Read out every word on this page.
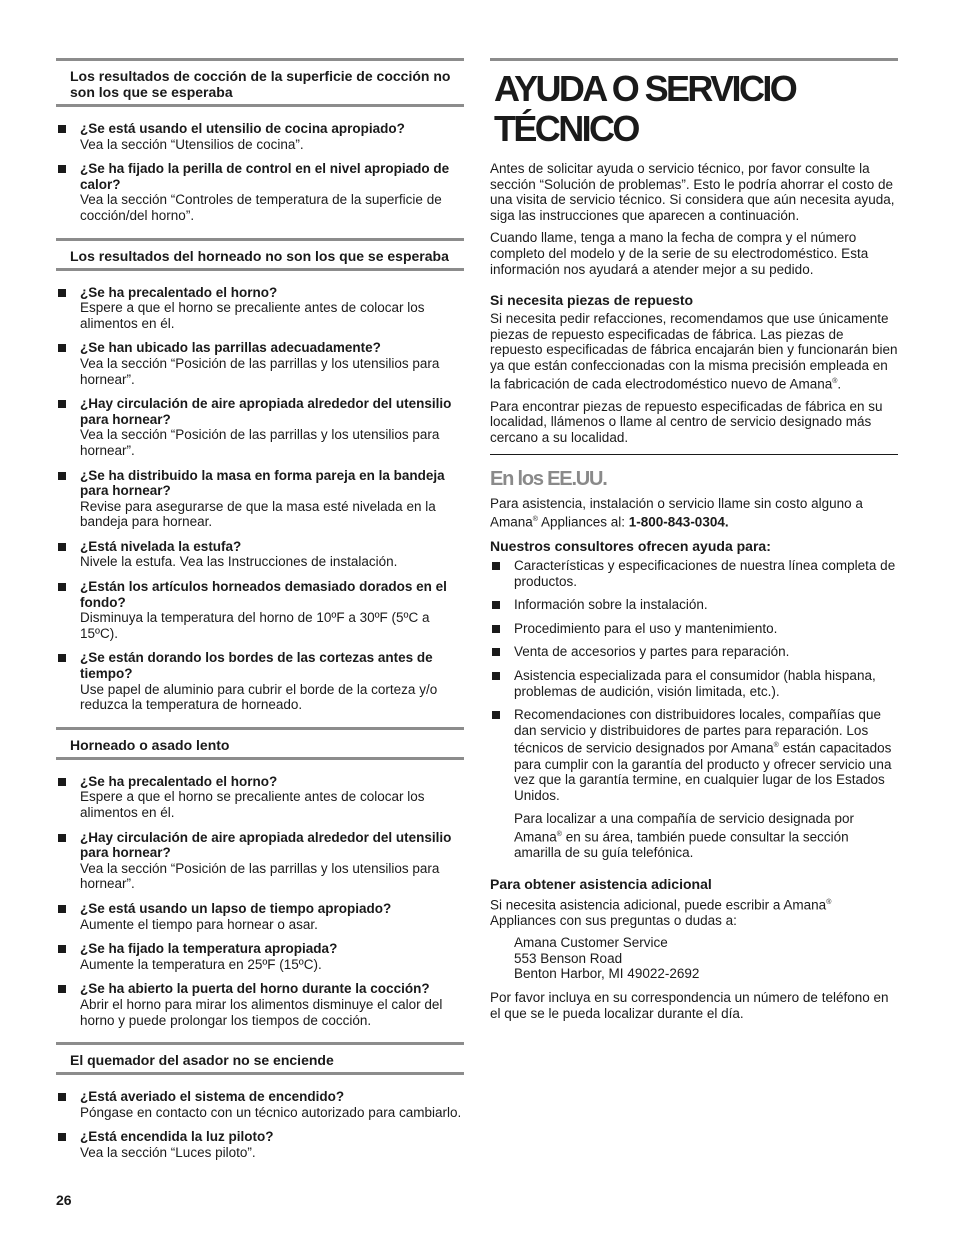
Los resultados de cocción de la superficie de cocción no son los que se esperaba
¿Se está usando el utensilio de cocina apropiado?
Vea la sección “Utensilios de cocina”.
¿Se ha fijado la perilla de control en el nivel apropiado de calor?
Vea la sección “Controles de temperatura de la superficie de cocción/del horno”.
Los resultados del horneado no son los que se esperaba
¿Se ha precalentado el horno?
Espere a que el horno se precaliente antes de colocar los alimentos en él.
¿Se han ubicado las parrillas adecuadamente?
Vea la sección “Posición de las parrillas y los utensilios para hornear”.
¿Hay circulación de aire apropiada alrededor del utensilio para hornear?
Vea la sección “Posición de las parrillas y los utensilios para hornear”.
¿Se ha distribuido la masa en forma pareja en la bandeja para hornear?
Revise para asegurarse de que la masa esté nivelada en la bandeja para hornear.
¿Está nivelada la estufa?
Nivele la estufa. Vea las Instrucciones de instalación.
¿Están los artículos horneados demasiado dorados en el fondo?
Disminuya la temperatura del horno de 10ºF a 30ºF (5ºC a 15ºC).
¿Se están dorando los bordes de las cortezas antes de tiempo?
Use papel de aluminio para cubrir el borde de la corteza y/o reduzca la temperatura de horneado.
Horneado o asado lento
¿Se ha precalentado el horno?
Espere a que el horno se precaliente antes de colocar los alimentos en él.
¿Hay circulación de aire apropiada alrededor del utensilio para hornear?
Vea la sección “Posición de las parrillas y los utensilios para hornear”.
¿Se está usando un lapso de tiempo apropiado?
Aumente el tiempo para hornear o asar.
¿Se ha fijado la temperatura apropiada?
Aumente la temperatura en 25ºF (15ºC).
¿Se ha abierto la puerta del horno durante la cocción?
Abrir el horno para mirar los alimentos disminuye el calor del horno y puede prolongar los tiempos de cocción.
El quemador del asador no se enciende
¿Está averiado el sistema de encendido?
Póngase en contacto con un técnico autorizado para cambiarlo.
¿Está encendida la luz piloto?
Vea la sección “Luces piloto”.
AYUDA O SERVICIO TÉCNICO

Antes de solicitar ayuda o servicio técnico, por favor consulte la sección “Solución de problemas”. Esto le podría ahorrar el costo de una visita de servicio técnico. Si considera que aún necesita ayuda, siga las instrucciones que aparecen a continuación.

Cuando llame, tenga a mano la fecha de compra y el número completo del modelo y de la serie de su electrodoméstico. Esta información nos ayudará a atender mejor a su pedido.

Si necesita piezas de repuesto

Si necesita pedir refacciones, recomendamos que use únicamente piezas de repuesto especificadas de fábrica. Las piezas de repuesto especificadas de fábrica encajarán bien y funcionarán bien ya que están confeccionadas con la misma precisión empleada en la fabricación de cada electrodoméstico nuevo de Amana®.

Para encontrar piezas de repuesto especificadas de fábrica en su localidad, llámenos o llame al centro de servicio designado más cercano a su localidad.

En los EE.UU.

Para asistencia, instalación o servicio llame sin costo alguno a Amana® Appliances al: 1-800-843-0304.

Nuestros consultores ofrecen ayuda para:
Características y especificaciones de nuestra línea completa de productos.
Información sobre la instalación.
Procedimiento para el uso y mantenimiento.
Venta de accesorios y partes para reparación.
Asistencia especializada para el consumidor (habla hispana, problemas de audición, visión limitada, etc.).
Recomendaciones con distribuidores locales, compañías que dan servicio y distribuidores de partes para reparación. Los técnicos de servicio designados por Amana® están capacitados para cumplir con la garantía del producto y ofrecer servicio una vez que la garantía termine, en cualquier lugar de los Estados Unidos.

Para localizar a una compañía de servicio designada por Amana® en su área, también puede consultar la sección amarilla de su guía telefónica.

Para obtener asistencia adicional

Si necesita asistencia adicional, puede escribir a Amana® Appliances con sus preguntas o dudas a:

Amana Customer Service
553 Benson Road
Benton Harbor, MI 49022-2692

Por favor incluya en su correspondencia un número de teléfono en el que se le pueda localizar durante el día.

26
